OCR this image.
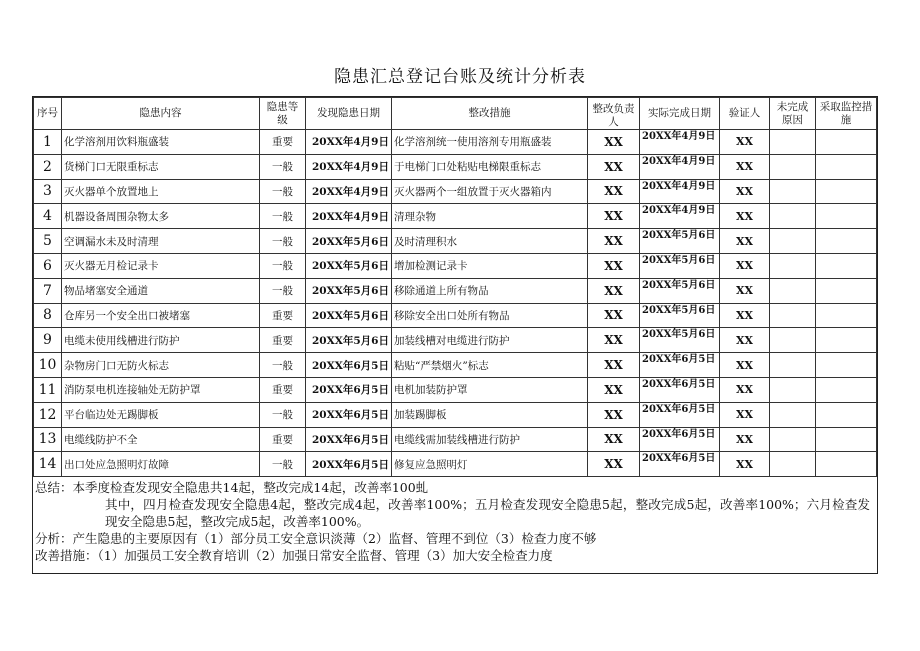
隐患汇总登记台账及统计分析表
序号	隐患内容	隐患等级	发现隐患日期	整改措施	整改负责人	实际完成日期	验证人	未完成原因	采取监控措施
1	化学溶剂用饮料瓶盛装	重要	20XX年4月9日	化学溶剂统一使用溶剂专用瓶盛装	XX	20XX年4月9日	XX		
2	货梯门口无限重标志	一般	20XX年4月9日	于电梯门口处粘贴电梯限重标志	XX	20XX年4月9日	XX		
3	灭火器单个放置地上	一般	20XX年4月9日	灭火器两个一组放置于灭火器箱内	XX	20XX年4月9日	XX		
4	机器设备周围杂物太多	一般	20XX年4月9日	清理杂物	XX	20XX年4月9日	XX		
5	空调漏水未及时清理	一般	20XX年5月6日	及时清理积水	XX	20XX年5月6日	XX		
6	灭火器无月检记录卡	一般	20XX年5月6日	增加检测记录卡	XX	20XX年5月6日	XX		
7	物品堵塞安全通道	一般	20XX年5月6日	移除通道上所有物品	XX	20XX年5月6日	XX		
8	仓库另一个安全出口被堵塞	重要	20XX年5月6日	移除安全出口处所有物品	XX	20XX年5月6日	XX		
9	电缆未使用线槽进行防护	重要	20XX年5月6日	加装线槽对电缆进行防护	XX	20XX年5月6日	XX		
10	杂物房门口无防火标志	一般	20XX年6月5日	粘贴“严禁烟火”标志	XX	20XX年6月5日	XX		
11	消防泵电机连接轴处无防护罩	重要	20XX年6月5日	电机加装防护罩	XX	20XX年6月5日	XX		
12	平台临边处无踢脚板	一般	20XX年6月5日	加装踢脚板	XX	20XX年6月5日	XX		
13	电缆线防护不全	重要	20XX年6月5日	电缆线需加装线槽进行防护	XX	20XX年6月5日	XX		
14	出口处应急照明灯故障	一般	20XX年6月5日	修复应急照明灯	XX	20XX年6月5日	XX		

总结：本季度检查发现安全隐患共14起，整改完成14起，改善率100虬

其中，四月检查发现安全隐患4起，整改完成4起，改善率100%；五月检查发现安全隐患5起，整改完成5起，改善率100%；六月检查发现安全隐患5起，整改完成5起，改善率100%。

分析：产生隐患的主要原因有（1）部分员工安全意识淡薄（2）监督、管理不到位（3）检查力度不够

改善措施：（1）加强员工安全教育培训（2）加强日常安全监督、管理（3）加大安全检查力度
